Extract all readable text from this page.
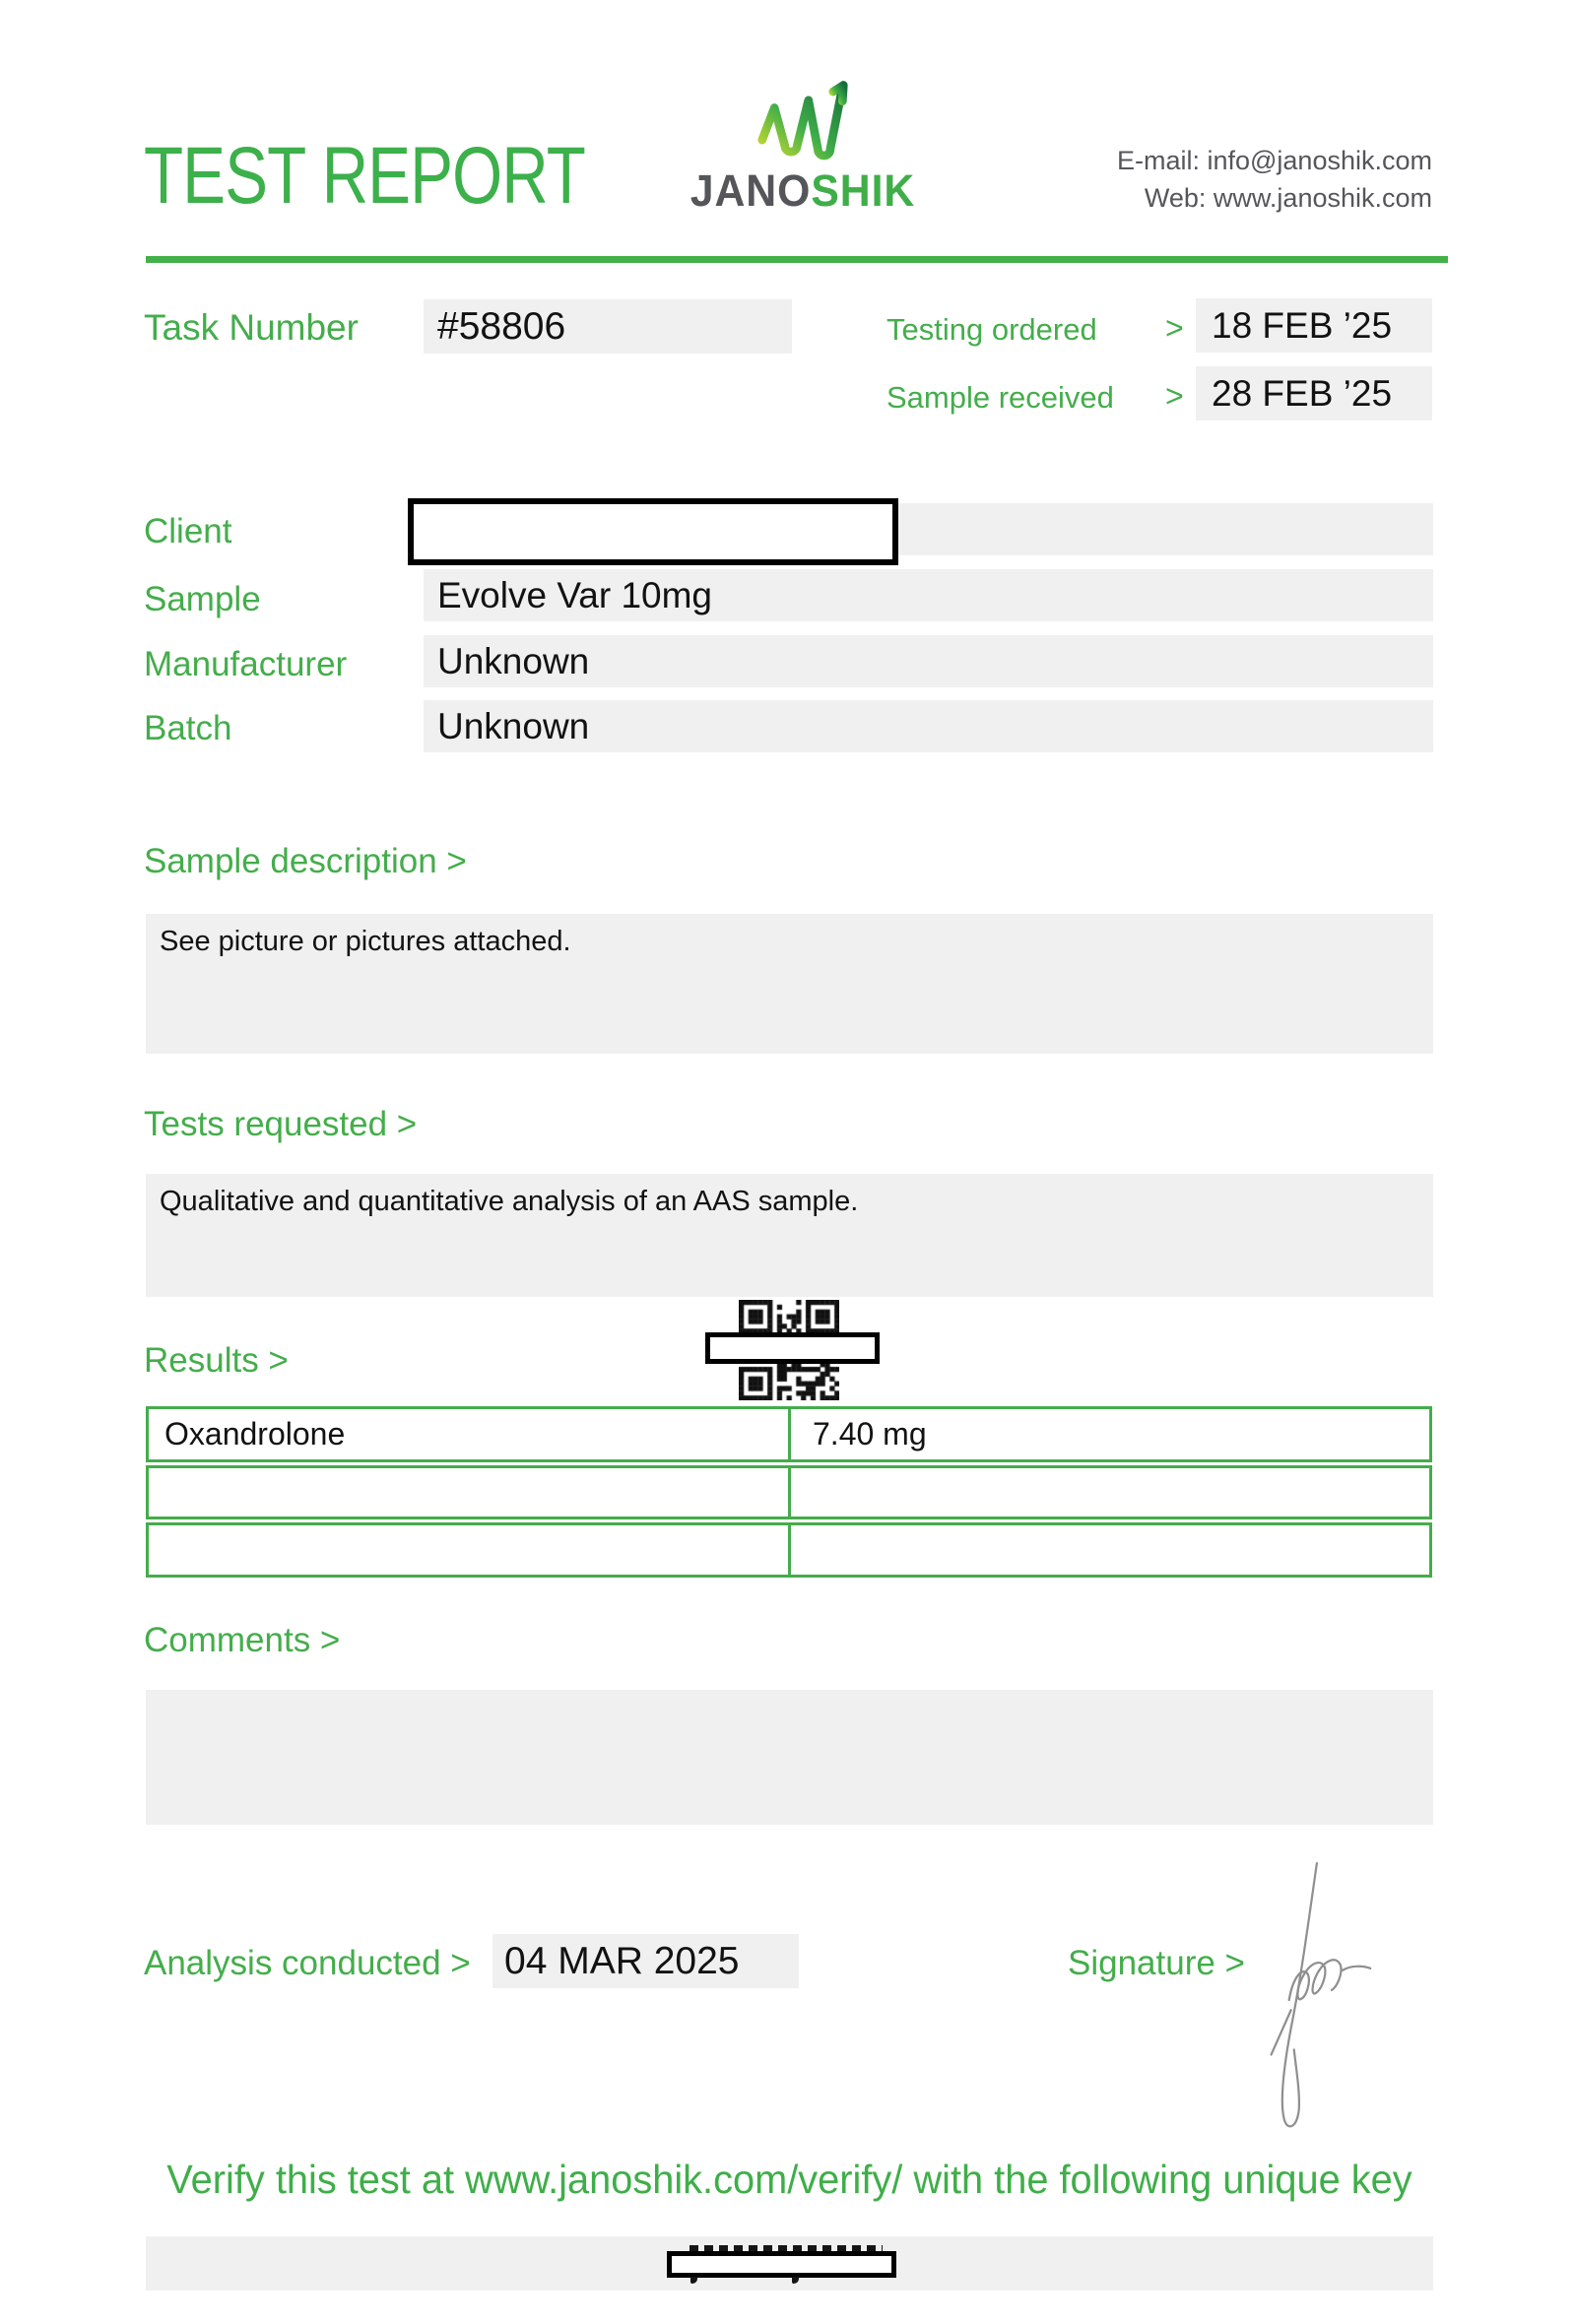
TEST REPORT JANOSHIK
E-mail: info@janoshik.com
Web: www.janoshik.com
Task Number	#58806	Testing ordered > 18 FEB ’25
Sample received > 28 FEB ’25
Client
Sample	Evolve Var 10mg
Manufacturer	Unknown
Batch	Unknown
Sample description >
See picture or pictures attached.
Tests requested >
Qualitative and quantitative analysis of an AAS sample.
Results >
Oxandrolone	7.40 mg
Comments >
Analysis conducted > 04 MAR 2025	Signature >
Verify this test at www.janoshik.com/verify/ with the following unique key
